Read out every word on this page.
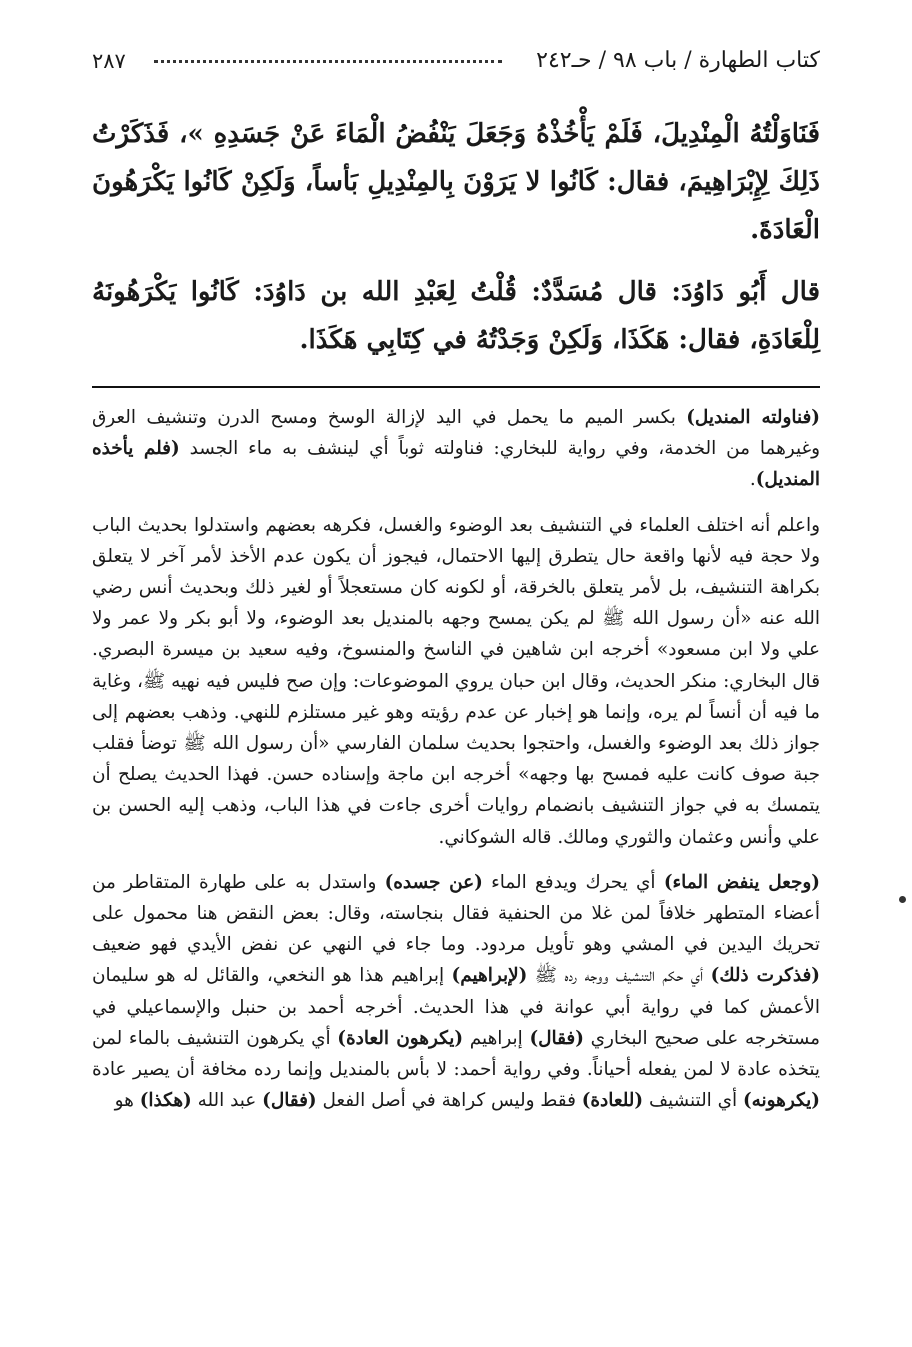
كتاب الطهارة / باب ٩٨ / حـ٢٤٢
٢٨٧

فَنَاوَلْتُهُ الْمِنْدِيلَ، فَلَمْ يَأْخُذْهُ وَجَعَلَ يَنْفُضُ الْمَاءَ عَنْ جَسَدِهِ »، فَذَكَرْتُ ذَلِكَ لِإِبْرَاهِيمَ، فقال: كَانُوا لا يَرَوْنَ بِالمِنْدِيلِ بَأساً، وَلَكِنْ كَانُوا يَكْرَهُونَ الْعَادَةَ.

قال أَبُو دَاوُدَ: قال مُسَدَّدٌ: قُلْتُ لِعَبْدِ الله بن دَاوُدَ: كَانُوا يَكْرَهُونَهُ لِلْعَادَةِ، فقال: هَكَذَا، وَلَكِنْ وَجَدْتُهُ في كِتَابِي هَكَذَا.

(فناولته المنديل) بكسر الميم ما يحمل في اليد لإزالة الوسخ ومسح الدرن وتنشيف العرق وغيرهما من الخدمة، وفي رواية للبخاري: فناولته ثوباً أي لينشف به ماء الجسد (فلم يأخذه المنديل).

واعلم أنه اختلف العلماء في التنشيف بعد الوضوء والغسل، فكرهه بعضهم واستدلوا بحديث الباب ولا حجة فيه لأنها واقعة حال يتطرق إليها الاحتمال، فيجوز أن يكون عدم الأخذ لأمر آخر لا يتعلق بكراهة التنشيف، بل لأمر يتعلق بالخرقة، أو لكونه كان مستعجلاً أو لغير ذلك وبحديث أنس رضي الله عنه «أن رسول الله ﷺ لم يكن يمسح وجهه بالمنديل بعد الوضوء، ولا أبو بكر ولا عمر ولا علي ولا ابن مسعود» أخرجه ابن شاهين في الناسخ والمنسوخ، وفيه سعيد بن ميسرة البصري. قال البخاري: منكر الحديث، وقال ابن حبان يروي الموضوعات: وإن صح فليس فيه نهيه ﷺ، وغاية ما فيه أن أنساً لم يره، وإنما هو إخبار عن عدم رؤيته وهو غير مستلزم للنهي. وذهب بعضهم إلى جواز ذلك بعد الوضوء والغسل، واحتجوا بحديث سلمان الفارسي «أن رسول الله ﷺ توضأ فقلب جبة صوف كانت عليه فمسح بها وجهه» أخرجه ابن ماجة وإسناده حسن. فهذا الحديث يصلح أن يتمسك به في جواز التنشيف بانضمام روايات أخرى جاءت في هذا الباب، وذهب إليه الحسن بن علي وأنس وعثمان والثوري ومالك. قاله الشوكاني.

(وجعل ينفض الماء) أي يحرك ويدفع الماء (عن جسده) واستدل به على طهارة المتقاطر من أعضاء المتطهر خلافاً لمن غلا من الحنفية فقال بنجاسته، وقال: بعض النقض هنا محمول على تحريك اليدين في المشي وهو تأويل مردود. وما جاء في النهي عن نفض الأيدي فهو ضعيف (فذكرت ذلك) أي حكم التنشيف ووجه رده ﷺ (لإبراهيم) إبراهيم هذا هو النخعي، والقائل له هو سليمان الأعمش كما في رواية أبي عوانة في هذا الحديث. أخرجه أحمد بن حنبل والإسماعيلي في مستخرجه على صحيح البخاري (فقال) إبراهيم (يكرهون العادة) أي يكرهون التنشيف بالماء لمن يتخذه عادة لا لمن يفعله أحياناً. وفي رواية أحمد: لا بأس بالمنديل وإنما رده مخافة أن يصير عادة (يكرهونه) أي التنشيف (للعادة) فقط وليس كراهة في أصل الفعل (فقال) عبد الله (هكذا) هو
